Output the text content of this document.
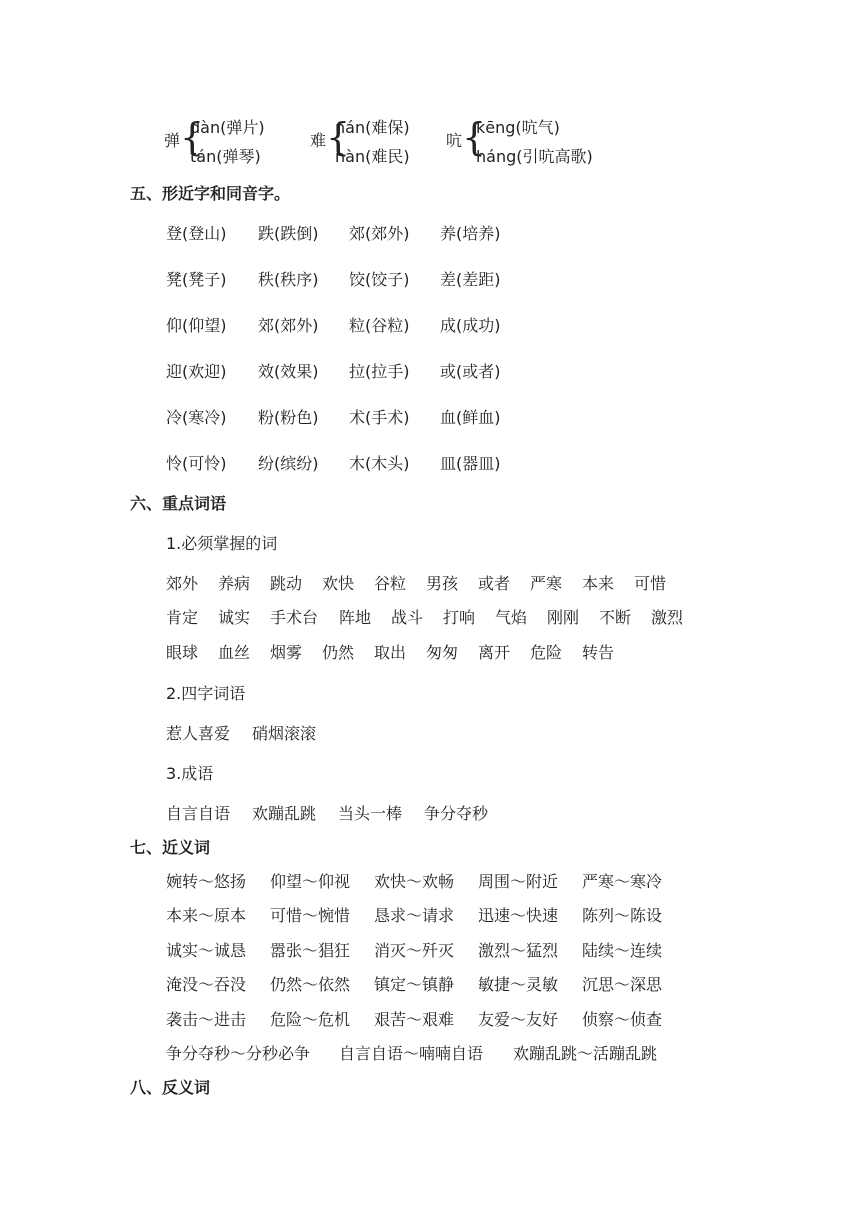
弹 {
dàn(弹片)
tán(弹琴)
难 {
nán(难保)
nàn(难民)
吭 {
kēng(吭气)
háng(引吭高歌)
五、形近字和同音字。
登(登山) 跌(跌倒) 郊(郊外) 养(培养)
凳(凳子) 秩(秩序) 饺(饺子) 差(差距)
仰(仰望) 郊(郊外) 粒(谷粒) 成(成功)
迎(欢迎) 效(效果) 拉(拉手) 或(或者)
冷(寒冷) 粉(粉色) 术(手术) 血(鲜血)
怜(可怜) 纷(缤纷) 木(木头) 皿(器皿)
六、重点词语
1.必须掌握的词
郊外 养病 跳动 欢快 谷粒 男孩 或者 严寒 本来 可惜
肯定 诚实 手术台 阵地 战斗 打响 气焰 刚刚 不断 激烈
眼球 血丝 烟雾 仍然 取出 匆匆 离开 危险 转告
2.四字词语
惹人喜爱 硝烟滚滚
3.成语
自言自语 欢蹦乱跳 当头一棒 争分夺秒
七、近义词
婉转～悠扬 仰望～仰视 欢快～欢畅 周围～附近 严寒～寒冷
本来～原本 可惜～惋惜 恳求～请求 迅速～快速 陈列～陈设
诚实～诚恳 嚣张～猖狂 消灭～歼灭 激烈～猛烈 陆续～连续
淹没～吞没 仍然～依然 镇定～镇静 敏捷～灵敏 沉思～深思
袭击～进击 危险～危机 艰苦～艰难 友爱～友好 侦察～侦查
争分夺秒～分秒必争 自言自语～喃喃自语 欢蹦乱跳～活蹦乱跳
八、反义词
